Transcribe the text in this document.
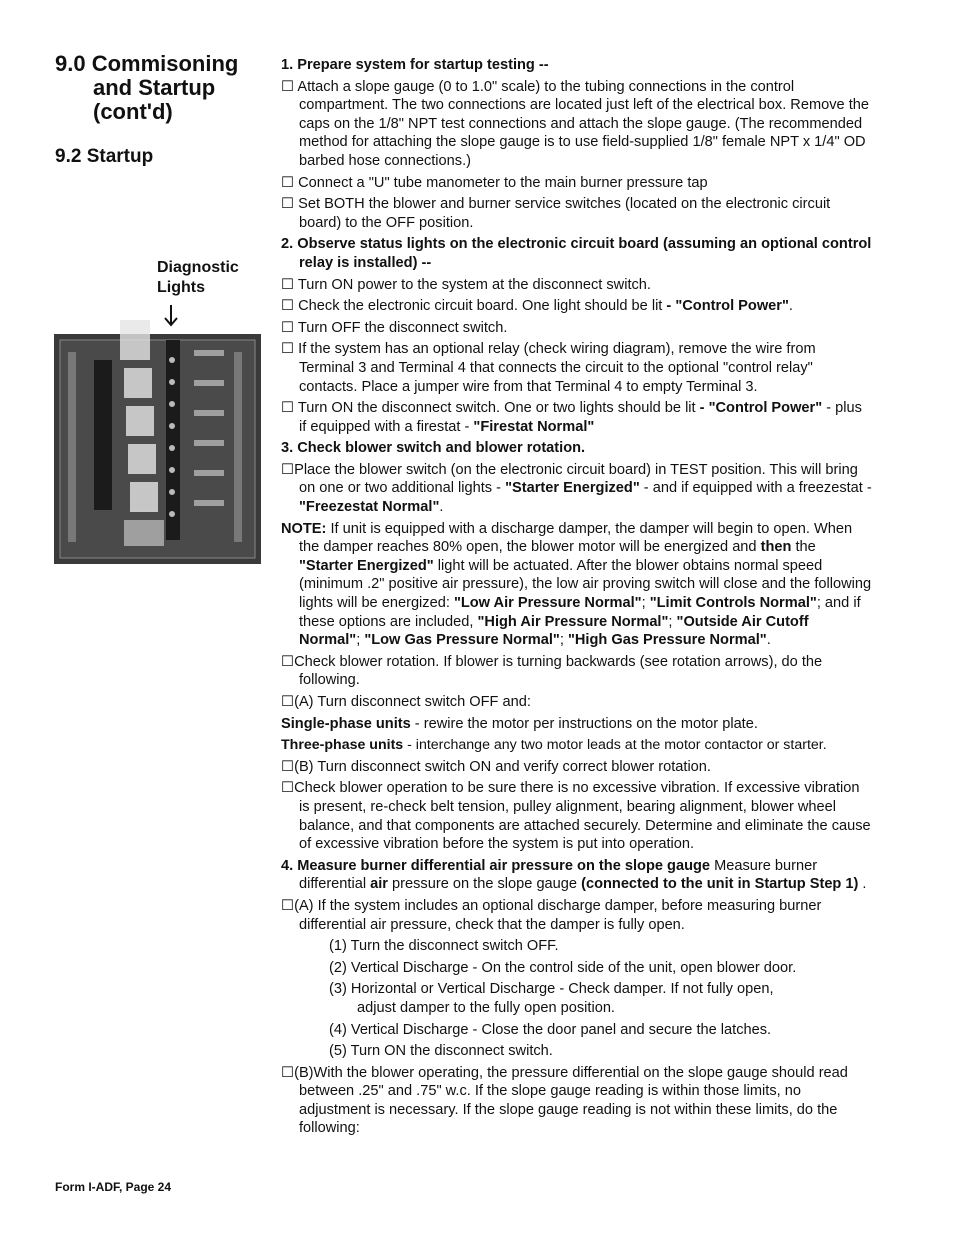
9.0 Commisoning
and Startup
(cont'd)
9.2 Startup
Diagnostic
Lights

1. Prepare system for startup testing --

☐ Attach a slope gauge (0 to 1.0" scale) to the tubing connections in the control compartment. The two connections are located just left of the electrical box. Remove the caps on the 1/8" NPT test connections and attach the slope gauge. (The recommended method for attaching the slope gauge is to use field-supplied 1/8" female NPT x 1/4" OD barbed hose connections.)

☐ Connect a "U" tube manometer to the main burner pressure tap

☐ Set BOTH the blower and burner service switches (located on the electronic circuit board) to the OFF position.

2. Observe status lights on the electronic circuit board (assuming an optional control relay is installed) --

☐ Turn ON power to the system at the disconnect switch.

☐ Check the electronic circuit board. One light should be lit - "Control Power".

☐ Turn OFF the disconnect switch.

☐ If the system has an optional relay (check wiring diagram), remove the wire from Terminal 3 and Terminal 4 that connects the circuit to the optional "control relay" contacts. Place a jumper wire from that Terminal 4 to empty Terminal 3.

☐ Turn ON the disconnect switch. One or two lights should be lit - "Control Power" - plus if equipped with a firestat - "Firestat Normal"

3. Check blower switch and blower rotation.

☐Place the blower switch (on the electronic circuit board) in TEST position. This will bring on one or two additional lights - "Starter Energized" - and if equipped with a freezestat - "Freezestat Normal".

NOTE: If unit is equipped with a discharge damper, the damper will begin to open. When the damper reaches 80% open, the blower motor will be energized and then the "Starter Energized" light will be actuated. After the blower obtains normal speed (minimum .2" positive air pressure), the low air proving switch will close and the following lights will be energized: "Low Air Pressure Normal"; "Limit Controls Normal"; and if these options are included, "High Air Pressure Normal"; "Outside Air Cutoff Normal"; "Low Gas Pressure Normal"; "High Gas Pressure Normal".

☐Check blower rotation. If blower is turning backwards (see rotation arrows), do the following.

☐(A) Turn disconnect switch OFF and:

Single-phase units - rewire the motor per instructions on the motor plate.

Three-phase units - interchange any two motor leads at the motor contactor or starter.

☐(B) Turn disconnect switch ON and verify correct blower rotation.

☐Check blower operation to be sure there is no excessive vibration. If excessive vibration is present, re-check belt tension, pulley alignment, bearing alignment, blower wheel balance, and that components are attached securely. Determine and eliminate the cause of excessive vibration before the system is put into operation.

4. Measure burner differential air pressure on the slope gauge Measure burner differential air pressure on the slope gauge (connected to the unit in Startup Step 1) .

☐(A) If the system includes an optional discharge damper, before measuring burner differential air pressure, check that the damper is fully open.

(1) Turn the disconnect switch OFF.

(2) Vertical Discharge - On the control side of the unit, open blower door.

(3) Horizontal or Vertical Discharge - Check damper. If not fully open,

adjust damper to the fully open position.

(4) Vertical Discharge - Close the door panel and secure the latches.

(5) Turn ON the disconnect switch.

☐(B)With the blower operating, the pressure differential on the slope gauge should read between .25" and .75" w.c. If the slope gauge reading is within those limits, no adjustment is necessary. If the slope gauge reading is not within these limits, do the following:

Form I-ADF, Page 24
